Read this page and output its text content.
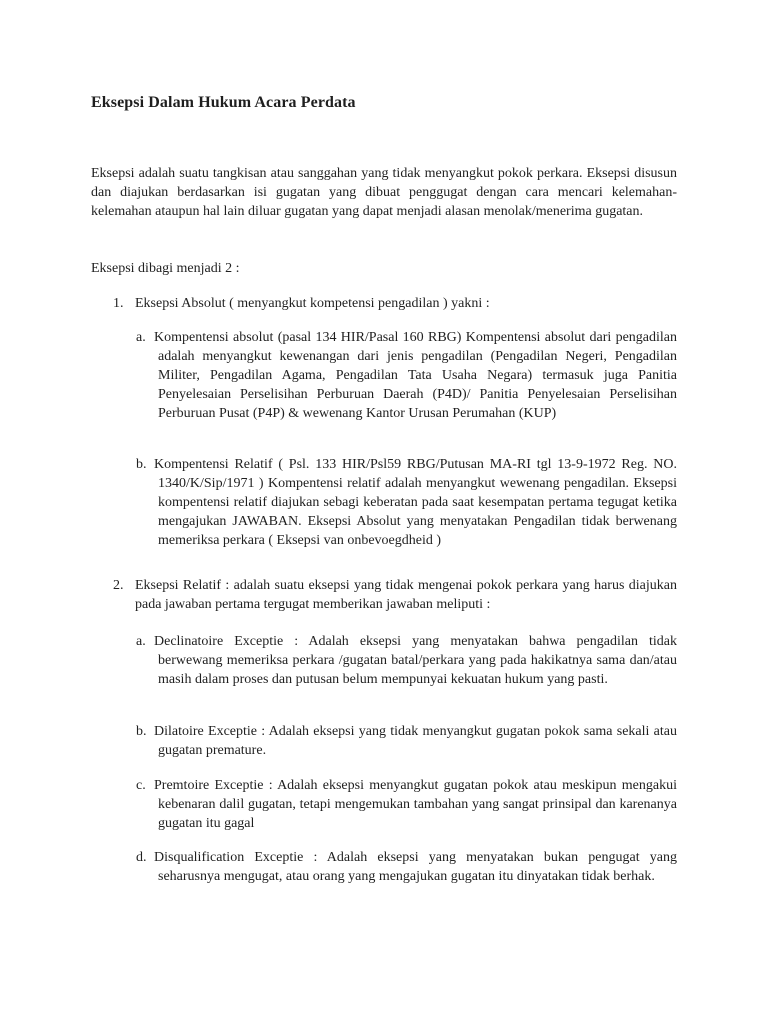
Eksepsi Dalam Hukum Acara Perdata

Eksepsi adalah suatu tangkisan atau sanggahan yang tidak menyangkut pokok perkara. Eksepsi disusun dan diajukan berdasarkan isi gugatan yang dibuat penggugat dengan cara mencari kelemahan-kelemahan ataupun hal lain diluar gugatan yang dapat menjadi alasan menolak/menerima gugatan.

Eksepsi dibagi menjadi 2 :

1. Eksepsi Absolut ( menyangkut kompetensi pengadilan ) yakni :
a. Kompentensi absolut (pasal 134 HIR/Pasal 160 RBG) Kompentensi absolut dari pengadilan adalah menyangkut kewenangan dari jenis pengadilan (Pengadilan Negeri, Pengadilan Militer, Pengadilan Agama, Pengadilan Tata Usaha Negara) termasuk juga Panitia Penyelesaian Perselisihan Perburuan Daerah (P4D)/ Panitia Penyelesaian Perselisihan Perburuan Pusat (P4P) & wewenang Kantor Urusan Perumahan (KUP)
b. Kompentensi Relatif ( Psl. 133 HIR/Psl59 RBG/Putusan MA-RI tgl 13-9-1972 Reg. NO. 1340/K/Sip/1971 ) Kompentensi relatif adalah menyangkut wewenang pengadilan. Eksepsi kompentensi relatif diajukan sebagi keberatan pada saat kesempatan pertama tegugat ketika mengajukan JAWABAN. Eksepsi Absolut yang menyatakan Pengadilan tidak berwenang memeriksa perkara ( Eksepsi van onbevoegdheid )
2. Eksepsi Relatif : adalah suatu eksepsi yang tidak mengenai pokok perkara yang harus diajukan pada jawaban pertama tergugat memberikan jawaban meliputi :
a. Declinatoire Exceptie : Adalah eksepsi yang menyatakan bahwa pengadilan tidak berwewang memeriksa perkara /gugatan batal/perkara yang pada hakikatnya sama dan/atau masih dalam proses dan putusan belum mempunyai kekuatan hukum yang pasti.
b. Dilatoire Exceptie : Adalah eksepsi yang tidak menyangkut gugatan pokok sama sekali atau gugatan premature.
c. Premtoire Exceptie : Adalah eksepsi menyangkut gugatan pokok atau meskipun mengakui kebenaran dalil gugatan, tetapi mengemukan tambahan yang sangat prinsipal dan karenanya gugatan itu gagal
d. Disqualification Exceptie : Adalah eksepsi yang menyatakan bukan pengugat yang seharusnya mengugat, atau orang yang mengajukan gugatan itu dinyatakan tidak berhak.
